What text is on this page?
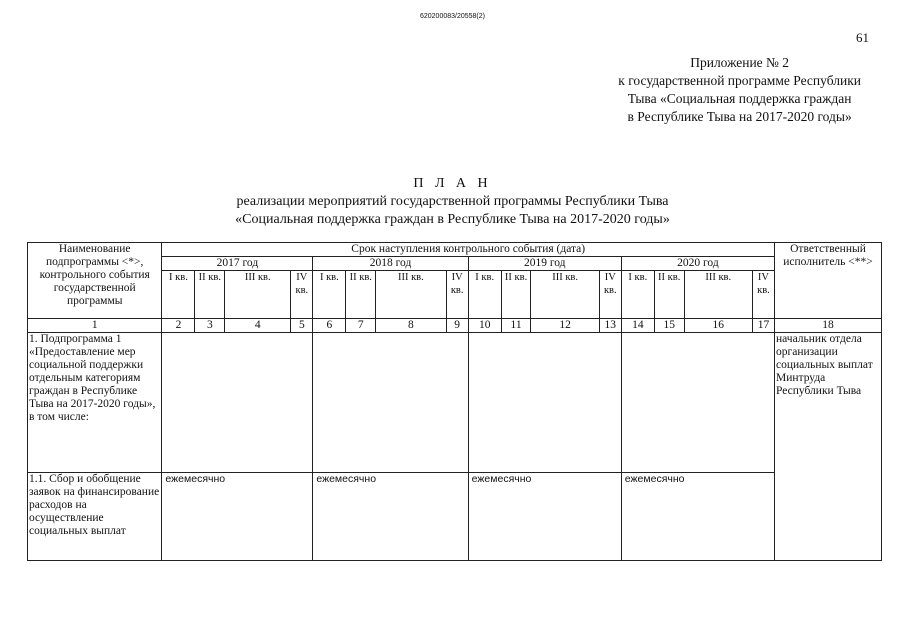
620200083/20558(2)
61
Приложение № 2
к государственной программе Республики
Тыва «Социальная поддержка граждан
в Республике Тыва на 2017-2020 годы»
П Л А Н
реализации мероприятий государственной программы Республики Тыва
«Социальная поддержка граждан в Республике Тыва на 2017-2020 годы»
Наименование подпрограммы <*>, контрольного события государственной программы	Срок наступления контрольного события (дата)																Ответственный исполнитель <**>
	2017 год				2018 год				2019 год				2020 год				
	I кв.	II кв.	III кв.	IV кв.	I кв.	II кв.	III кв.	IV кв.	I кв.	II кв.	III кв.	IV кв.	I кв.	II кв.	III кв.	IV кв.	
1	2	3	4	5	6	7	8	9	10	11	12	13	14	15	16	17	18
1. Подпрограмма 1 «Предоставление мер социальной поддержки отдельным категориям граждан в Республике Тыва на 2017-2020 годы», в том числе:																	начальник отдела организации социальных выплат Минтруда Республики Тыва
1.1. Сбор и обобщение заявок на финансирование расходов на осуществление социальных выплат	ежемесячно				ежемесячно				ежемесячно				ежемесячно				
